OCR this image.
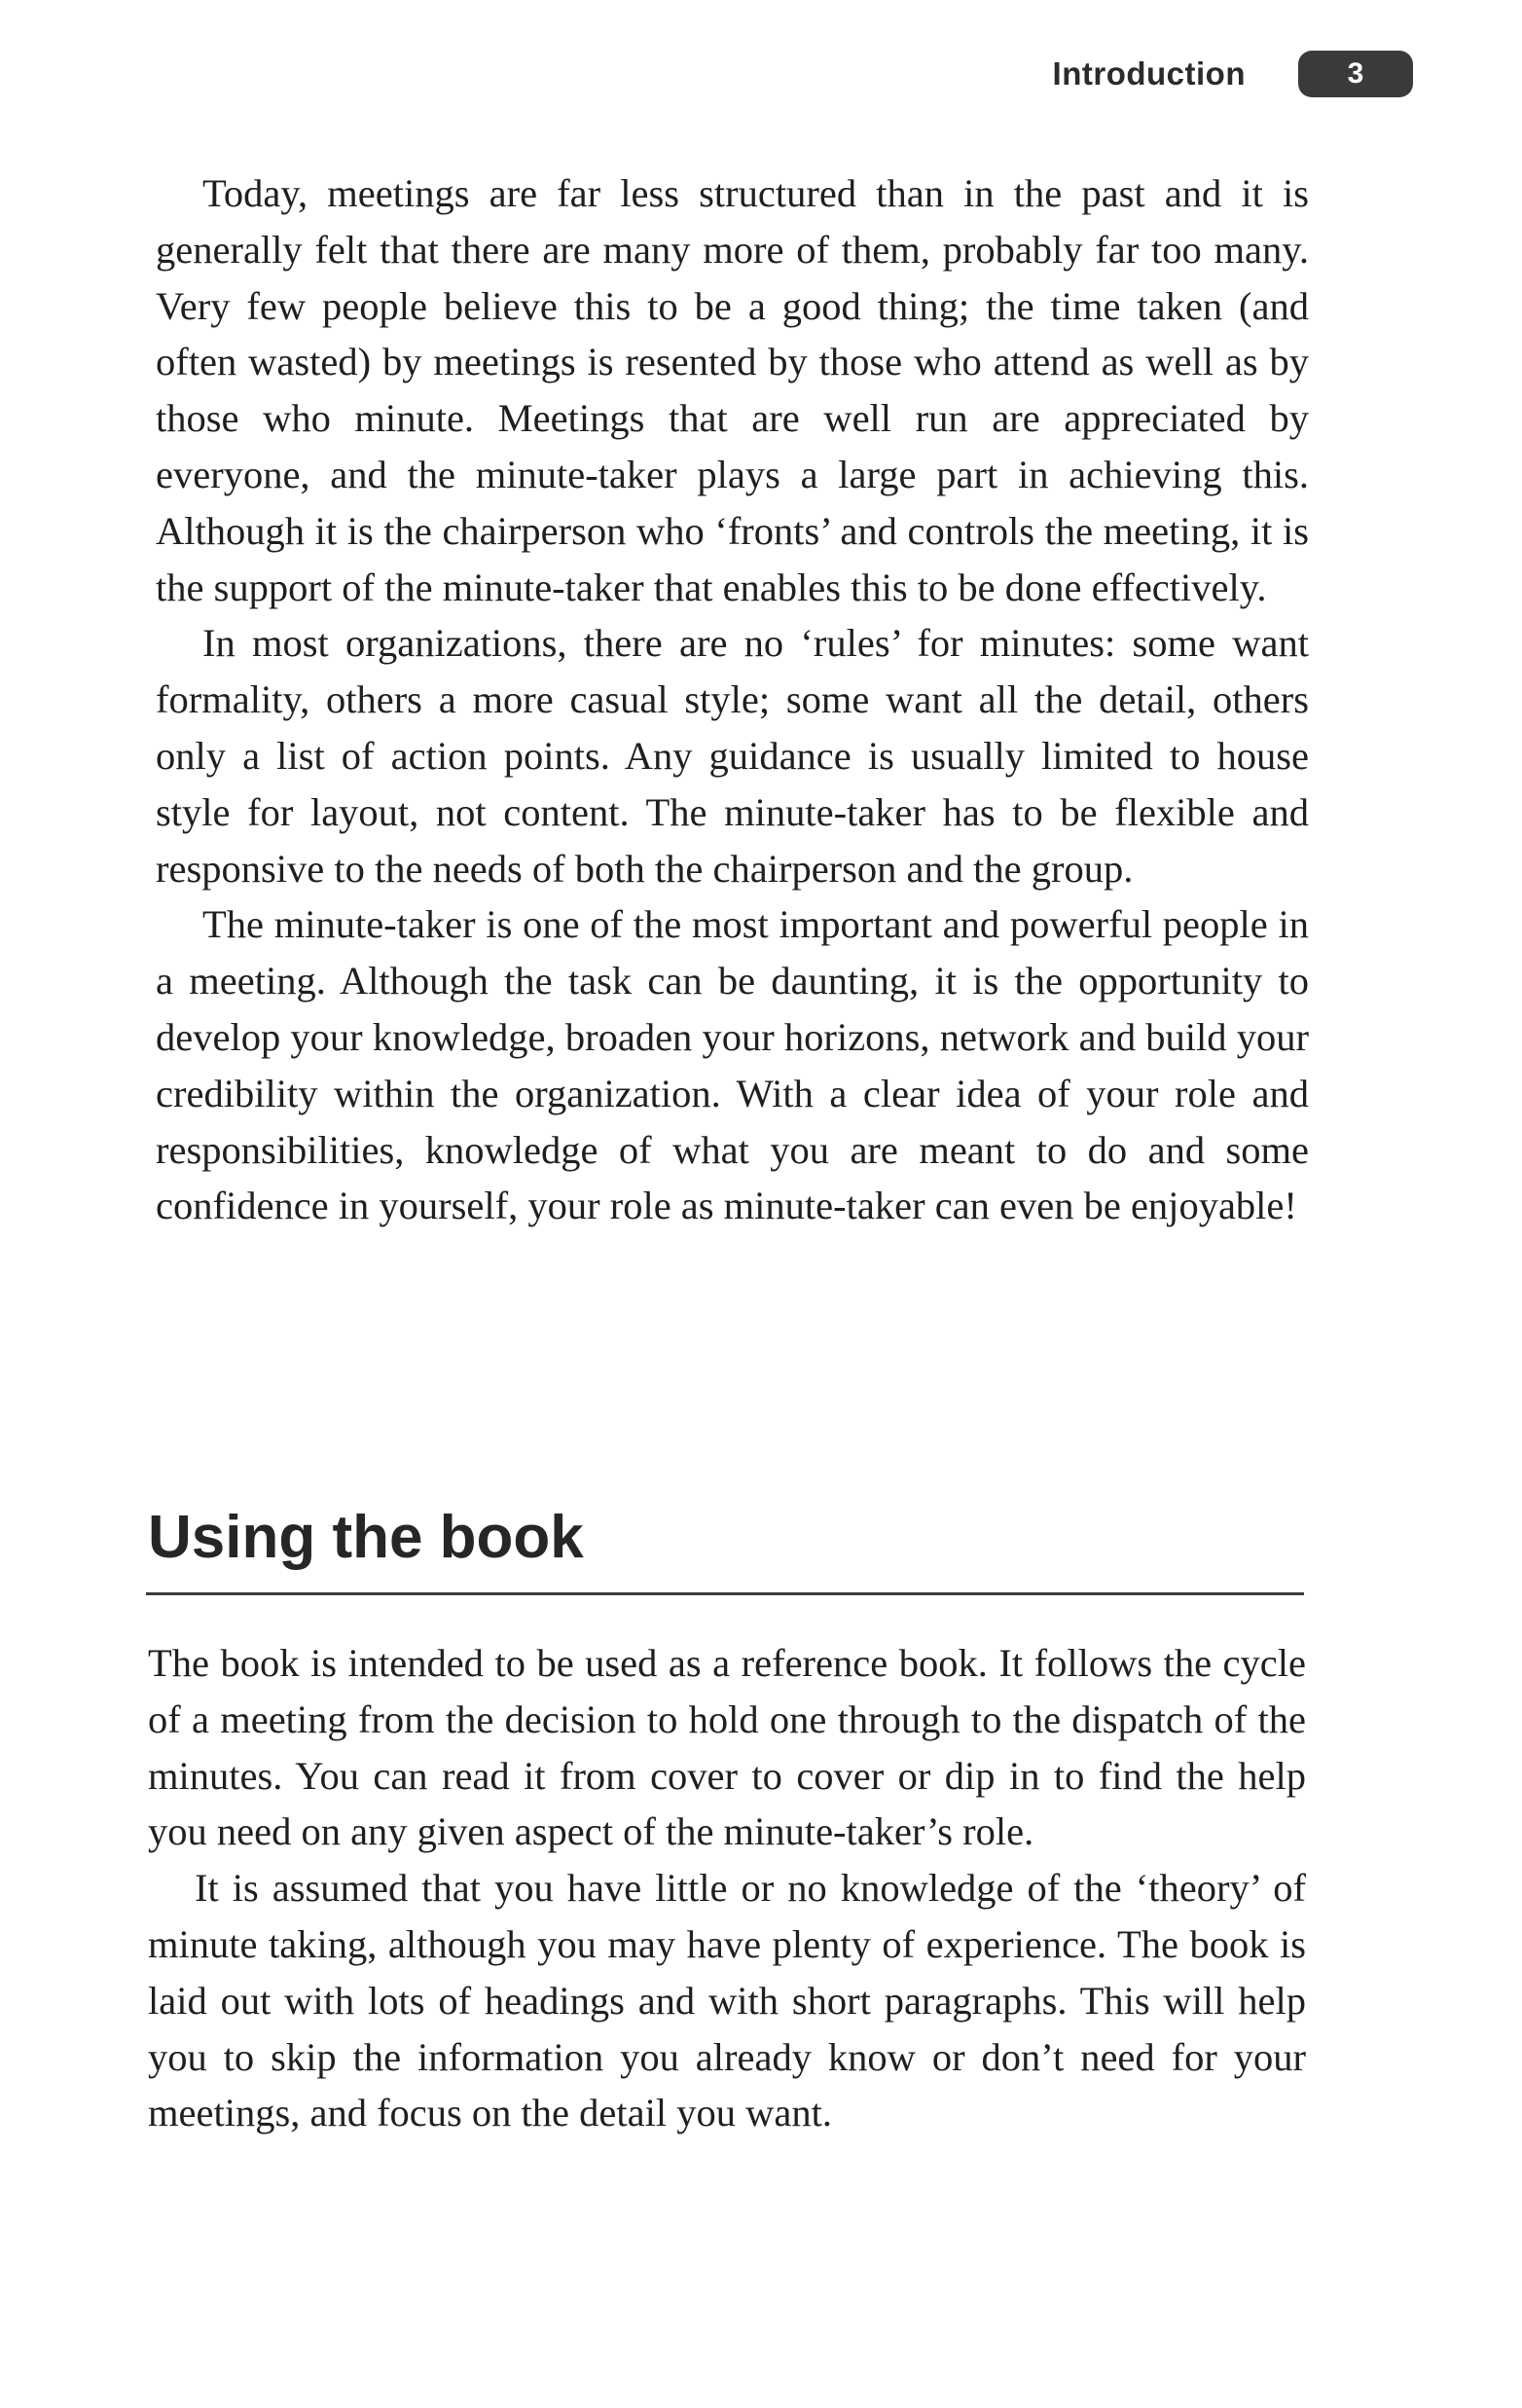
Introduction	3

Today, meetings are far less structured than in the past and it is generally felt that there are many more of them, probably far too many. Very few people believe this to be a good thing; the time taken (and often wasted) by meetings is resented by those who attend as well as by those who minute. Meetings that are well run are appreciated by everyone, and the minute-taker plays a large part in achieving this. Although it is the chairperson who ‘fronts’ and controls the meeting, it is the support of the minute-taker that enables this to be done effectively.

In most organizations, there are no ‘rules’ for minutes: some want formality, others a more casual style; some want all the detail, others only a list of action points. Any guidance is usually limited to house style for layout, not content. The minute-taker has to be flexible and responsive to the needs of both the chairperson and the group.

The minute-taker is one of the most important and powerful people in a meeting. Although the task can be daunting, it is the opportunity to develop your knowledge, broaden your horizons, network and build your credibility within the organization. With a clear idea of your role and responsibilities, knowledge of what you are meant to do and some confidence in yourself, your role as minute-taker can even be enjoyable!

Using the book

The book is intended to be used as a reference book. It follows the cycle of a meeting from the decision to hold one through to the dispatch of the minutes. You can read it from cover to cover or dip in to find the help you need on any given aspect of the minute-taker’s role.

It is assumed that you have little or no knowledge of the ‘theory’ of minute taking, although you may have plenty of experience. The book is laid out with lots of headings and with short paragraphs. This will help you to skip the information you already know or don’t need for your meetings, and focus on the detail you want.
